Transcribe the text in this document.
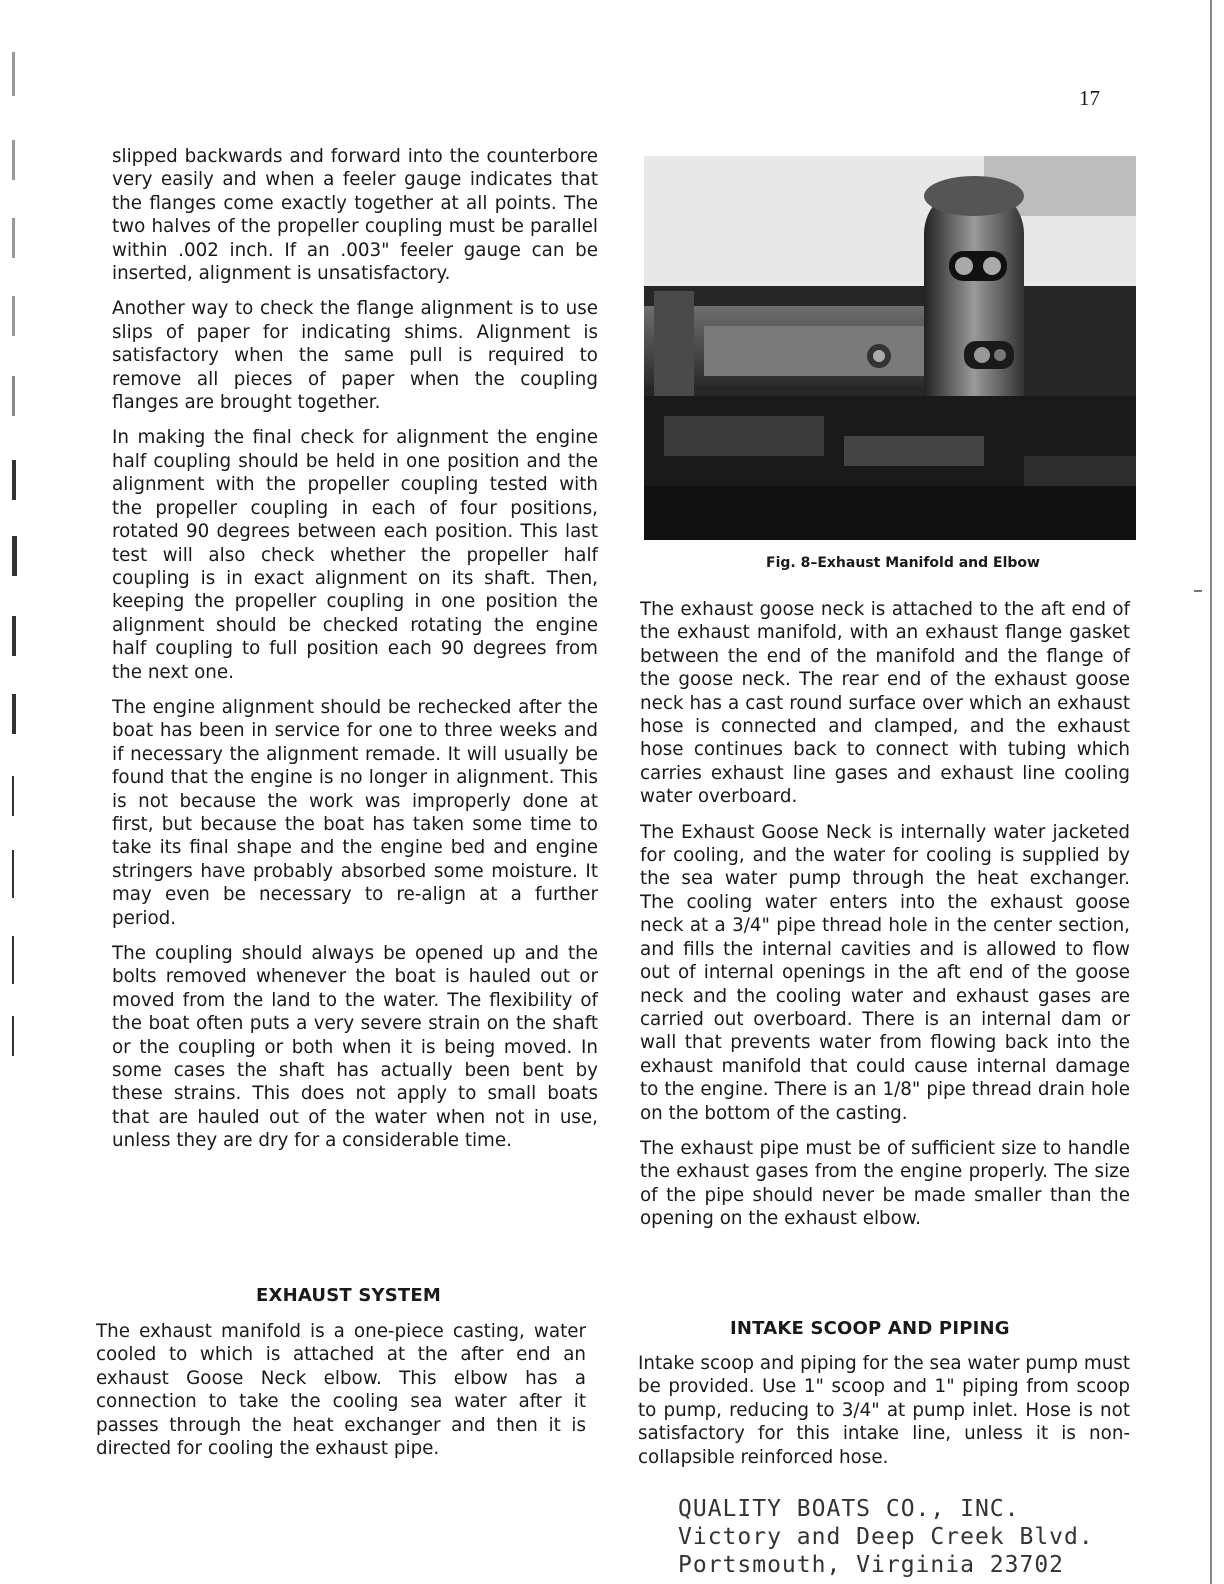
17

slipped backwards and forward into the counterbore very easily and when a feeler gauge indicates that the flanges come exactly together at all points. The two halves of the propeller coupling must be parallel within .002 inch. If an .003" feeler gauge can be inserted, alignment is unsatisfactory.

Another way to check the flange alignment is to use slips of paper for indicating shims. Alignment is satisfactory when the same pull is required to remove all pieces of paper when the coupling flanges are brought together.

In making the final check for alignment the engine half coupling should be held in one position and the alignment with the propeller coupling tested with the propeller coupling in each of four positions, rotated 90 degrees between each position. This last test will also check whether the propeller half coupling is in exact alignment on its shaft. Then, keeping the propeller coupling in one position the alignment should be checked rotating the engine half coupling to full position each 90 degrees from the next one.

The engine alignment should be rechecked after the boat has been in service for one to three weeks and if necessary the alignment remade. It will usually be found that the engine is no longer in alignment. This is not because the work was improperly done at first, but because the boat has taken some time to take its final shape and the engine bed and engine stringers have probably absorbed some moisture. It may even be necessary to re-align at a further period.

The coupling should always be opened up and the bolts removed whenever the boat is hauled out or moved from the land to the water. The flexibility of the boat often puts a very severe strain on the shaft or the coupling or both when it is being moved. In some cases the shaft has actually been bent by these strains. This does not apply to small boats that are hauled out of the water when not in use, unless they are dry for a considerable time.

EXHAUST SYSTEM

The exhaust manifold is a one-piece casting, water cooled to which is attached at the after end an exhaust Goose Neck elbow. This elbow has a connection to take the cooling sea water after it passes through the heat exchanger and then it is directed for cooling the exhaust pipe.

Fig. 8–Exhaust Manifold and Elbow

The exhaust goose neck is attached to the aft end of the exhaust manifold, with an exhaust flange gasket between the end of the manifold and the flange of the goose neck. The rear end of the exhaust goose neck has a cast round surface over which an exhaust hose is connected and clamped, and the exhaust hose continues back to connect with tubing which carries exhaust line gases and exhaust line cooling water overboard.

The Exhaust Goose Neck is internally water jacketed for cooling, and the water for cooling is supplied by the sea water pump through the heat exchanger. The cooling water enters into the exhaust goose neck at a 3/4" pipe thread hole in the center section, and fills the internal cavities and is allowed to flow out of internal openings in the aft end of the goose neck and the cooling water and exhaust gases are carried out overboard. There is an internal dam or wall that prevents water from flowing back into the exhaust manifold that could cause internal damage to the engine. There is an 1/8" pipe thread drain hole on the bottom of the casting.

The exhaust pipe must be of sufficient size to handle the exhaust gases from the engine properly. The size of the pipe should never be made smaller than the opening on the exhaust elbow.

INTAKE SCOOP AND PIPING

Intake scoop and piping for the sea water pump must be provided. Use 1" scoop and 1" piping from scoop to pump, reducing to 3/4" at pump inlet. Hose is not satisfactory for this intake line, unless it is non-collapsible reinforced hose.

QUALITY BOATS CO., INC.
Victory and Deep Creek Blvd.
Portsmouth, Virginia 23702
